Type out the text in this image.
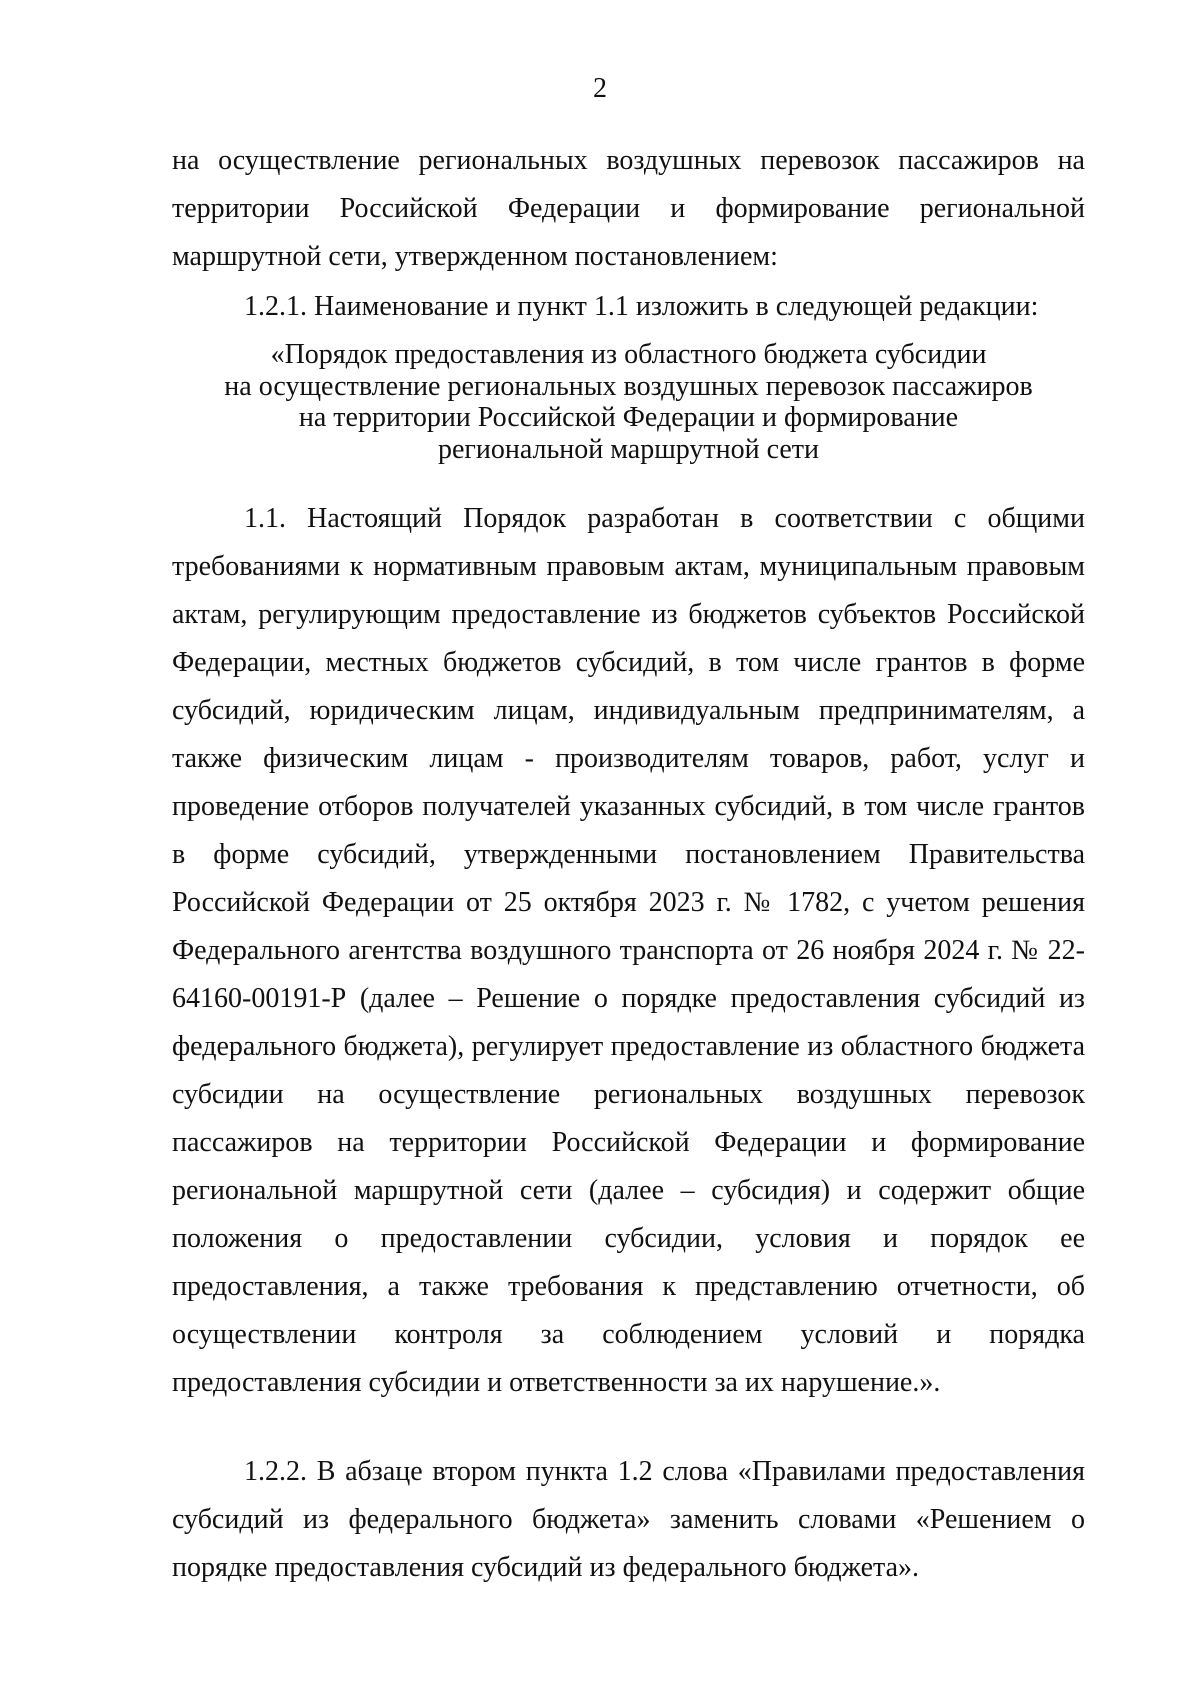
2

на осуществление региональных воздушных перевозок пассажиров на территории Российской Федерации и формирование региональной маршрутной сети, утвержденном постановлением:

1.2.1. Наименование и пункт 1.1 изложить в следующей редакции:

«Порядок предоставления из областного бюджета субсидии
на осуществление региональных воздушных перевозок пассажиров
на территории Российской Федерации и формирование
региональной маршрутной сети

1.1. Настоящий Порядок разработан в соответствии с общими требованиями к нормативным правовым актам, муниципальным правовым актам, регулирующим предоставление из бюджетов субъектов Российской Федерации, местных бюджетов субсидий, в том числе грантов в форме субсидий, юридическим лицам, индивидуальным предпринимателям, а также физическим лицам - производителям товаров, работ, услуг и проведение отборов получателей указанных субсидий, в том числе грантов в форме субсидий, утвержденными постановлением Правительства Российской Федерации от 25 октября 2023 г. № 1782, с учетом решения Федерального агентства воздушного транспорта от 26 ноября 2024 г. № 22-64160-00191-Р (далее – Решение о порядке предоставления субсидий из федерального бюджета), регулирует предоставление из областного бюджета субсидии на осуществление региональных воздушных перевозок пассажиров на территории Российской Федерации и формирование региональной маршрутной сети (далее – субсидия) и содержит общие положения о предоставлении субсидии, условия и порядок ее предоставления, а также требования к представлению отчетности, об осуществлении контроля за соблюдением условий и порядка предоставления субсидии и ответственности за их нарушение.».

1.2.2. В абзаце втором пункта 1.2 слова «Правилами предоставления субсидий из федерального бюджета» заменить словами «Решением о порядке предоставления субсидий из федерального бюджета».
